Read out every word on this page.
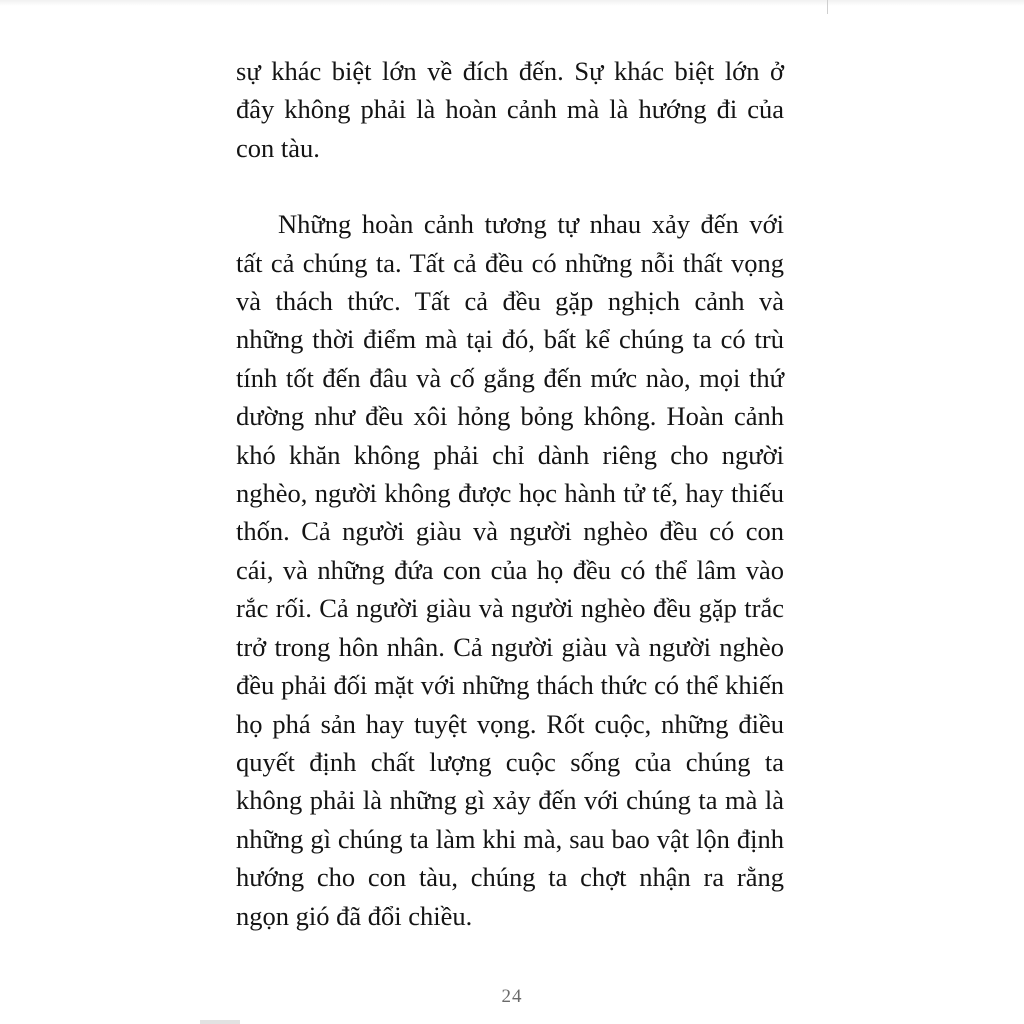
sự khác biệt lớn về đích đến. Sự khác biệt lớn ở đây không phải là hoàn cảnh mà là hướng đi của con tàu.

Những hoàn cảnh tương tự nhau xảy đến với tất cả chúng ta. Tất cả đều có những nỗi thất vọng và thách thức. Tất cả đều gặp nghịch cảnh và những thời điểm mà tại đó, bất kể chúng ta có trù tính tốt đến đâu và cố gắng đến mức nào, mọi thứ dường như đều xôi hỏng bỏng không. Hoàn cảnh khó khăn không phải chỉ dành riêng cho người nghèo, người không được học hành tử tế, hay thiếu thốn. Cả người giàu và người nghèo đều có con cái, và những đứa con của họ đều có thể lâm vào rắc rối. Cả người giàu và người nghèo đều gặp trắc trở trong hôn nhân. Cả người giàu và người nghèo đều phải đối mặt với những thách thức có thể khiến họ phá sản hay tuyệt vọng. Rốt cuộc, những điều quyết định chất lượng cuộc sống của chúng ta không phải là những gì xảy đến với chúng ta mà là những gì chúng ta làm khi mà, sau bao vật lộn định hướng cho con tàu, chúng ta chợt nhận ra rằng ngọn gió đã đổi chiều.

24
